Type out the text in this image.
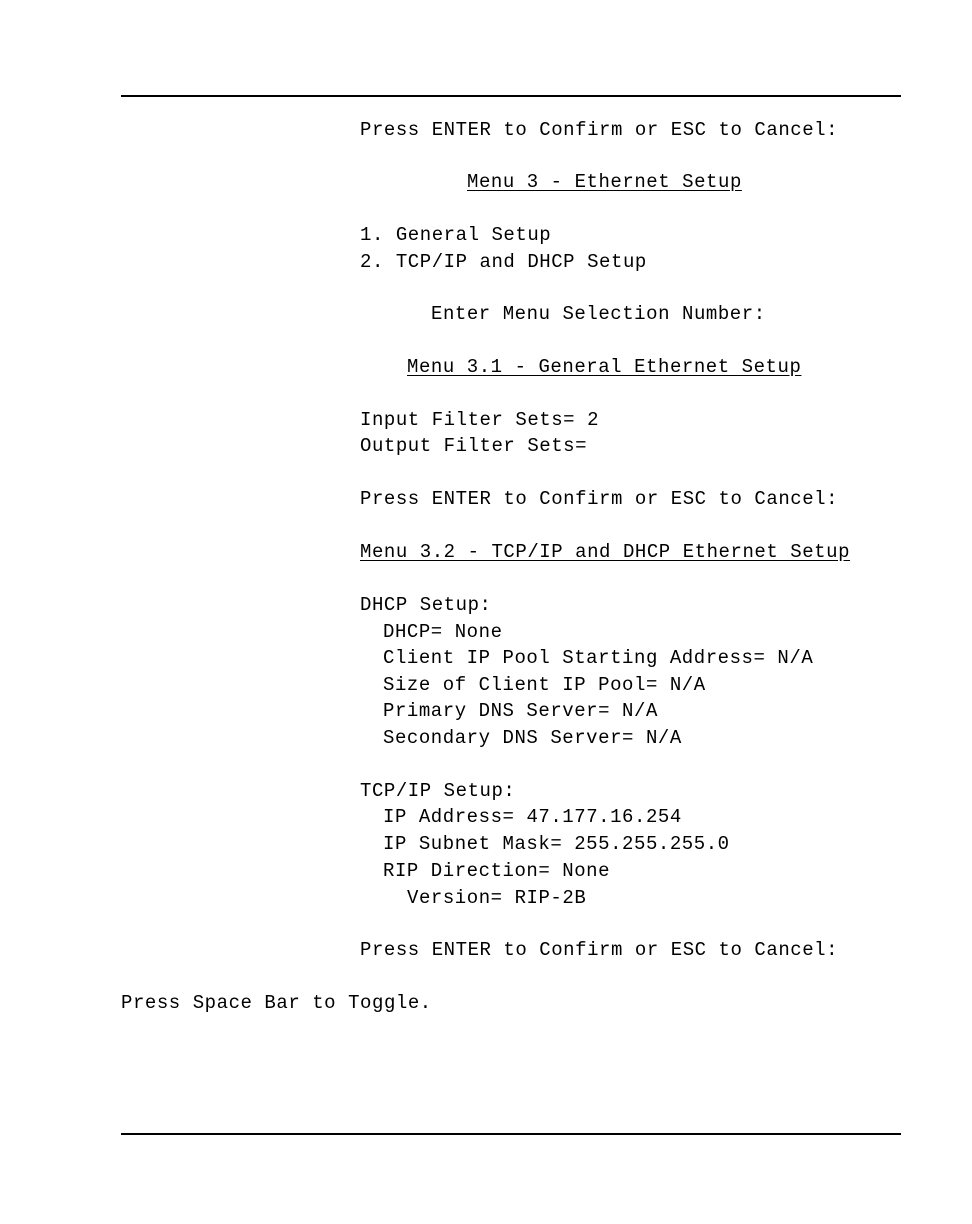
Press ENTER to Confirm or ESC to Cancel:
Menu 3 - Ethernet Setup
1. General Setup
2. TCP/IP and DHCP Setup
Enter Menu Selection Number:
Menu 3.1 - General Ethernet Setup
Input Filter Sets= 2
Output Filter Sets=
Press ENTER to Confirm or ESC to Cancel:
Menu 3.2 - TCP/IP and DHCP Ethernet Setup
DHCP Setup:
DHCP= None
Client IP Pool Starting Address= N/A
Size of Client IP Pool= N/A
Primary DNS Server= N/A
Secondary DNS Server= N/A
TCP/IP Setup:
IP Address= 47.177.16.254
IP Subnet Mask= 255.255.255.0
RIP Direction= None
Version= RIP-2B
Press ENTER to Confirm or ESC to Cancel:
Press Space Bar to Toggle.
